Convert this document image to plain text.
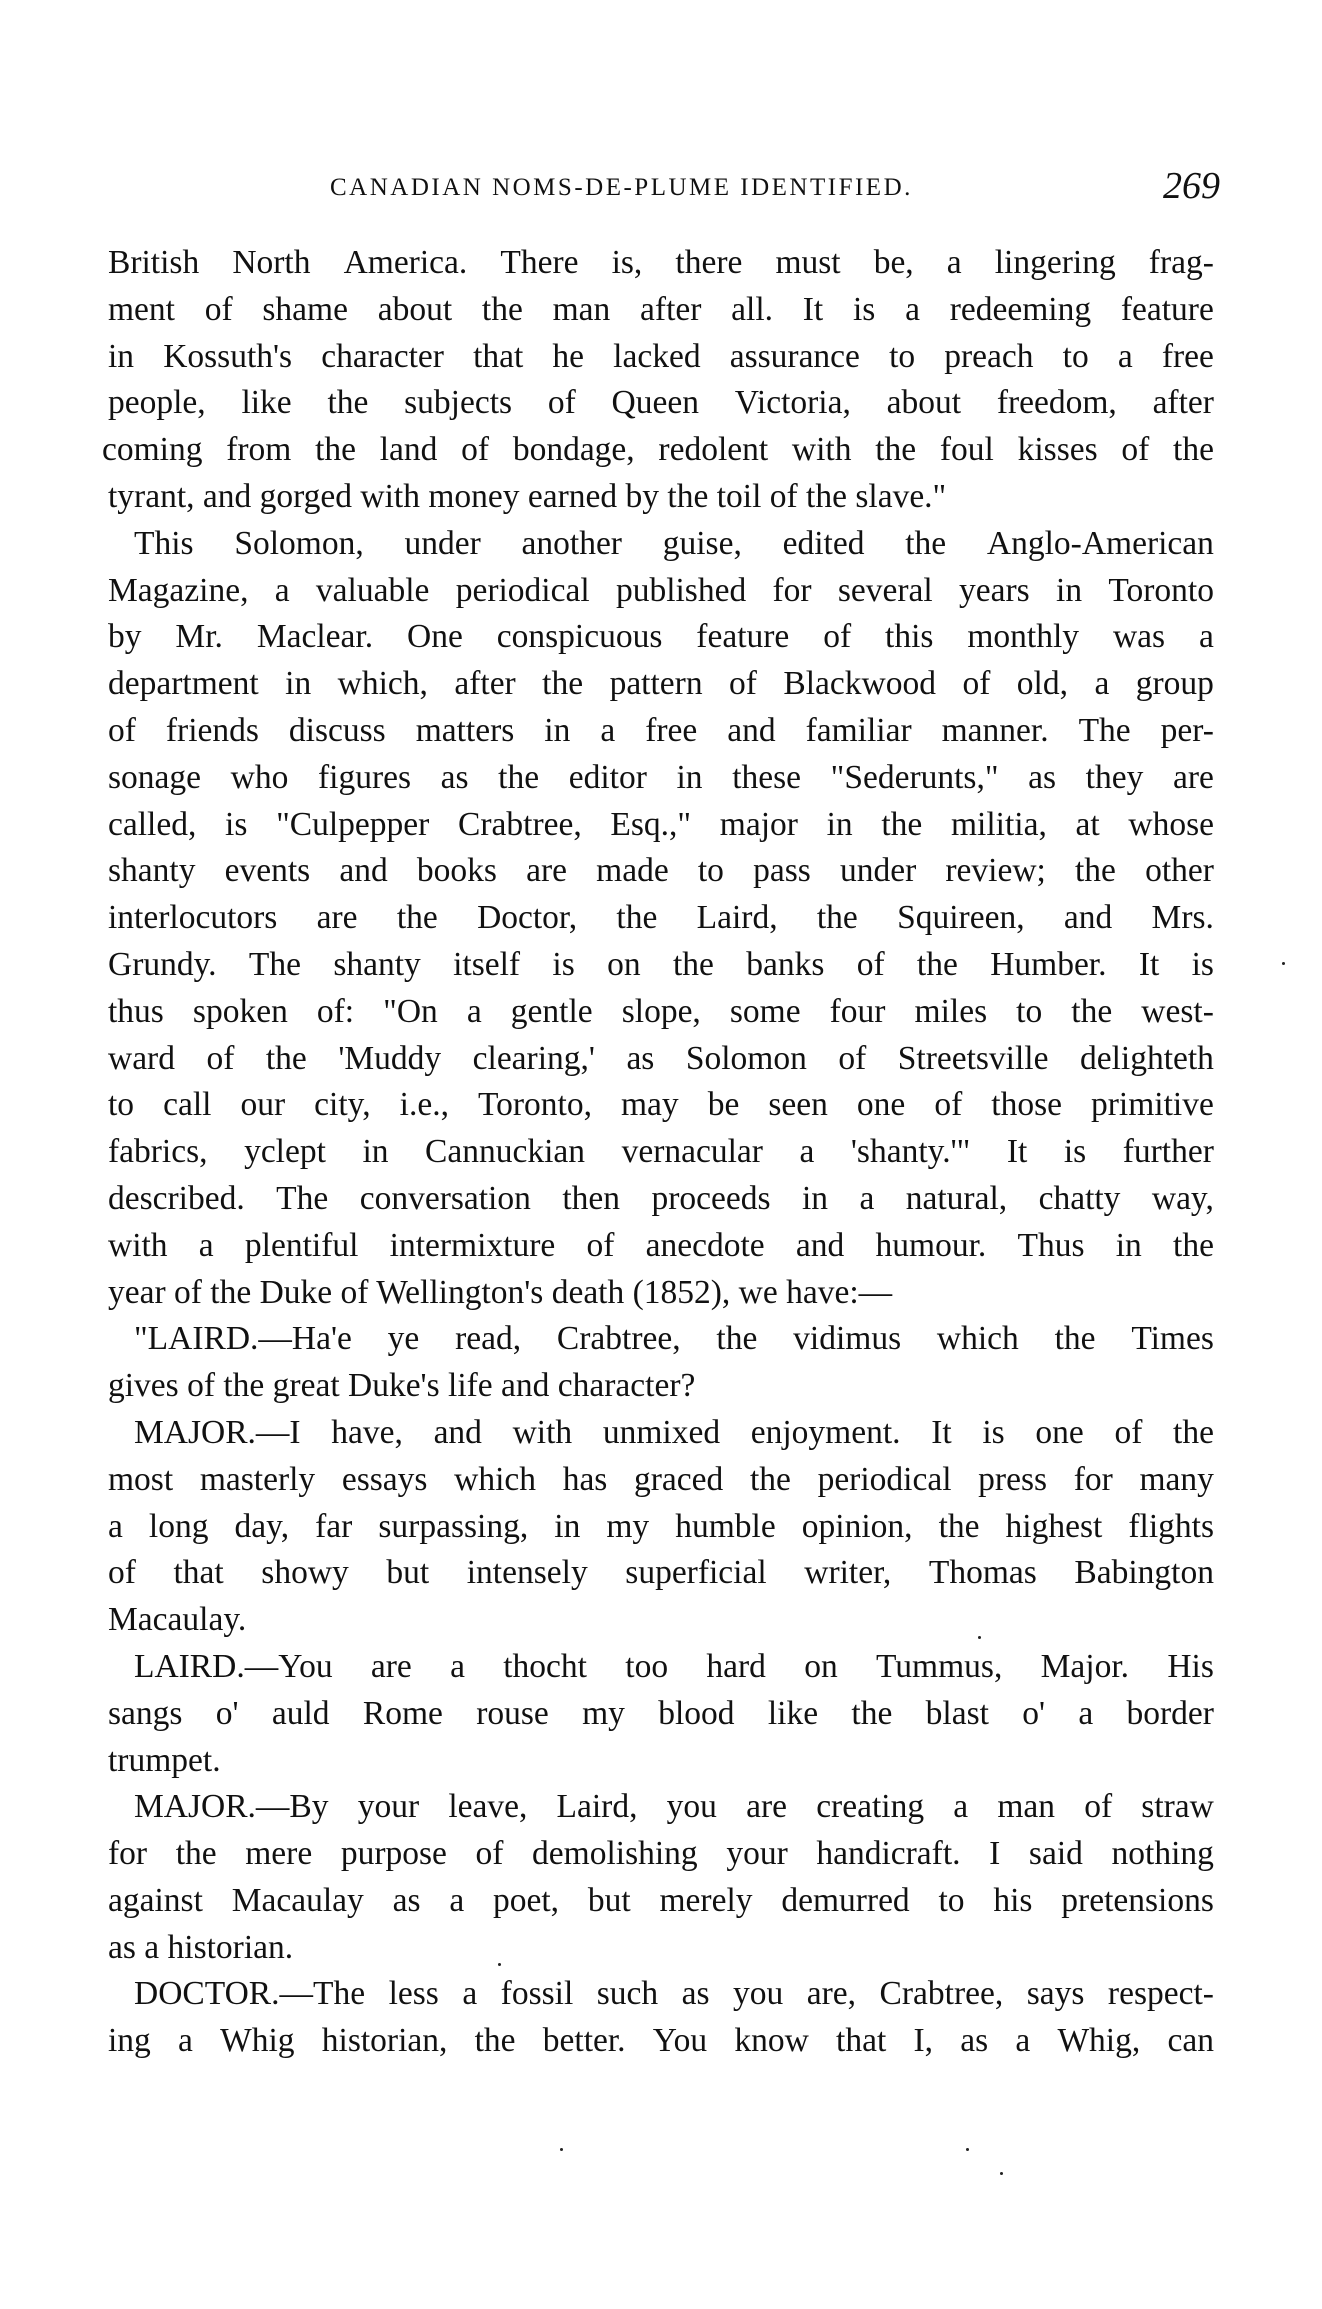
CANADIAN NOMS-DE-PLUME IDENTIFIED.	269
British North America. There is, there must be, a lingering frag-
ment of shame about the man after all. It is a redeeming feature
in Kossuth's character that he lacked assurance to preach to a free
people, like the subjects of Queen Victoria, about freedom, after
coming from the land of bondage, redolent with the foul kisses of the
tyrant, and gorged with money earned by the toil of the slave."
This Solomon, under another guise, edited the Anglo-American
Magazine, a valuable periodical published for several years in Toronto
by Mr. Maclear. One conspicuous feature of this monthly was a
department in which, after the pattern of Blackwood of old, a group
of friends discuss matters in a free and familiar manner. The per-
sonage who figures as the editor in these "Sederunts," as they are
called, is "Culpepper Crabtree, Esq.," major in the militia, at whose
shanty events and books are made to pass under review; the other
interlocutors are the Doctor, the Laird, the Squireen, and Mrs.
Grundy. The shanty itself is on the banks of the Humber. It is
thus spoken of: "On a gentle slope, some four miles to the west-
ward of the 'Muddy clearing,' as Solomon of Streetsville delighteth
to call our city, i.e., Toronto, may be seen one of those primitive
fabrics, yclept in Cannuckian vernacular a 'shanty.'" It is further
described. The conversation then proceeds in a natural, chatty way,
with a plentiful intermixture of anecdote and humour. Thus in the
year of the Duke of Wellington's death (1852), we have:—
"LAIRD.—Ha'e ye read, Crabtree, the vidimus which the Times
gives of the great Duke's life and character?
MAJOR.—I have, and with unmixed enjoyment. It is one of the
most masterly essays which has graced the periodical press for many
a long day, far surpassing, in my humble opinion, the highest flights
of that showy but intensely superficial writer, Thomas Babington
Macaulay.
LAIRD.—You are a thocht too hard on Tummus, Major. His
sangs o' auld Rome rouse my blood like the blast o' a border
trumpet.
MAJOR.—By your leave, Laird, you are creating a man of straw
for the mere purpose of demolishing your handicraft. I said nothing
against Macaulay as a poet, but merely demurred to his pretensions
as a historian.
DOCTOR.—The less a fossil such as you are, Crabtree, says respect-
ing a Whig historian, the better. You know that I, as a Whig, can
